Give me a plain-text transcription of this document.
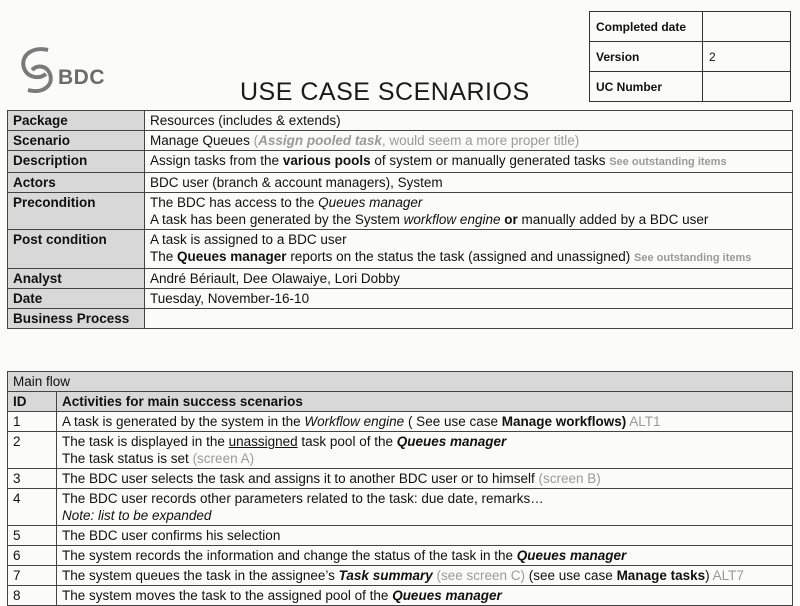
Completed date	
Version	2
UC Number	
BDC
USE CASE SCENARIOS
Package	Resources (includes & extends)
Scenario	Manage Queues (Assign pooled task, would seem a more proper title)
Description	Assign tasks from the various pools of system or manually generated tasks See outstanding items
Actors	BDC user (branch & account managers), System
Precondition	The BDC has access to the Queues manager
A task has been generated by the System workflow engine or manually added by a BDC user

Post condition	A task is assigned to a BDC user
The Queues manager reports on the status the task (assigned and unassigned) See outstanding items

Analyst	André Bériault, Dee Olawaiye, Lori Dobby
Date	Tuesday, November-16-10
Business Process	
Main flow	
ID	Activities for main success scenarios
1	A task is generated by the system in the Workflow engine ( See use case Manage workflows) ALT1
2	The task is displayed in the unassigned task pool of the Queues manager
The task status is set (screen A)

3	The BDC user selects the task and assigns it to another BDC user or to himself (screen B)
4	The BDC user records other parameters related to the task: due date, remarks…
Note: list to be expanded

5	The BDC user confirms his selection
6	The system records the information and change the status of the task in the Queues manager
7	The system queues the task in the assignee’s Task summary (see screen C) (see use case Manage tasks) ALT7
8	The system moves the task to the assigned pool of the Queues manager
